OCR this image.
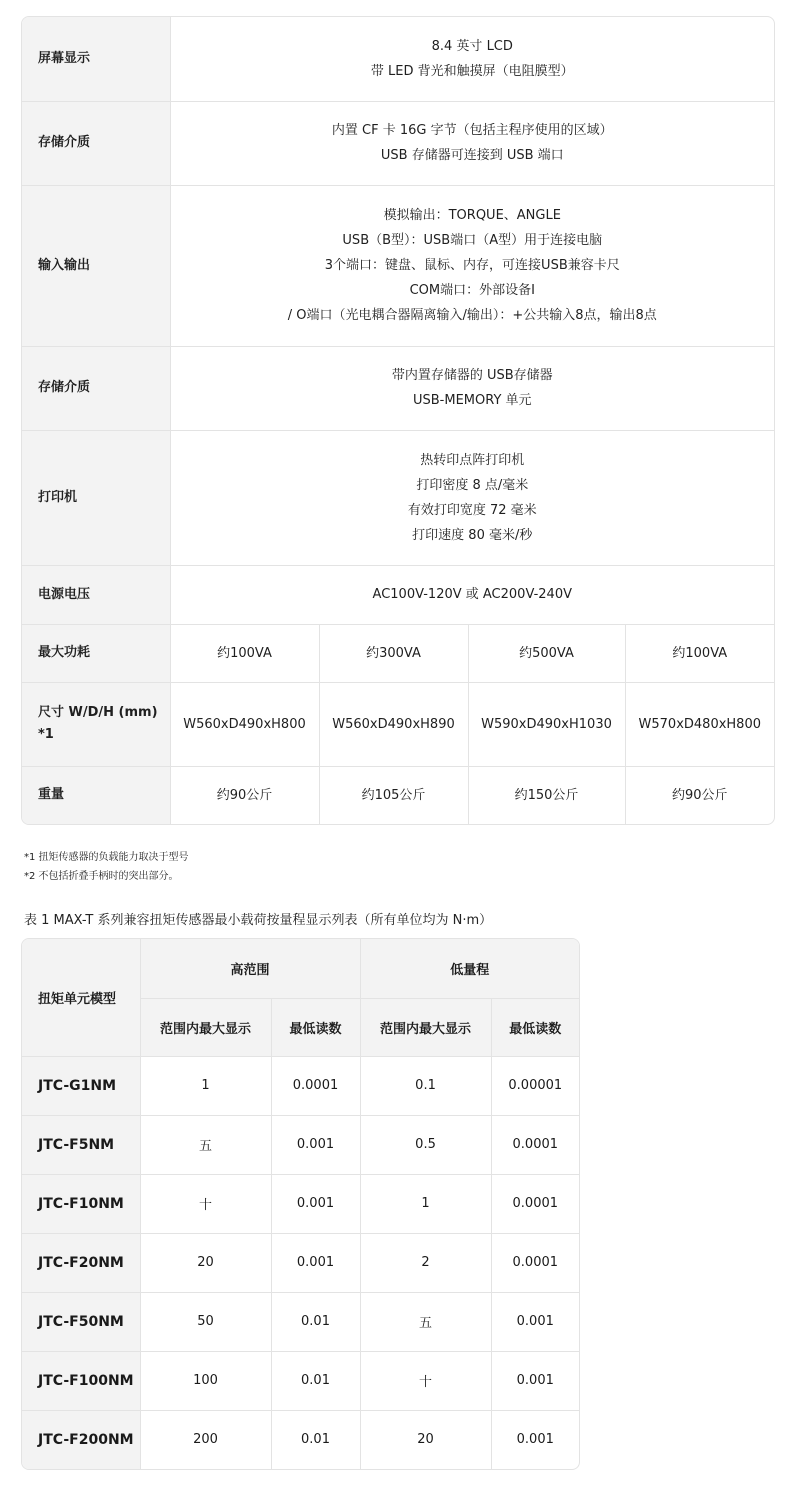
屏幕显示	8.4 英寸 LCD
带 LED 背光和触摸屏（电阻膜型）			

存储介质	内置 CF 卡 16G 字节（包括主程序使用的区域）
USB 存储器可连接到 USB 端口			

输入输出	模拟输出：TORQUE、ANGLE
USB（B型）：USB端口（A型）用于连接电脑
3个端口：键盘、鼠标、内存，可连接USB兼容卡尺
COM端口：外部设备I
/ O端口（光电耦合器隔离输入/输出）：+公共输入8点，输出8点			

存储介质	带内置存储器的 USB存储器
USB-MEMORY 单元			

打印机	热转印点阵打印机
打印密度 8 点/毫米
有效打印宽度 72 毫米
打印速度 80 毫米/秒			

电源电压	AC100V-120V 或 AC200V-240V			

最大功耗	约100VA	约300VA	约500VA	约100VA

尺寸 W/D/H (mm)
*1	W560xD490xH800	W560xD490xH890	W590xD490xH1030	W570xD480xH800
重量	约90公斤	约105公斤	约150公斤	约90公斤
*1 扭矩传感器的负载能力取决于型号
*2 不包括折叠手柄时的突出部分。
表 1 MAX-T 系列兼容扭矩传感器最小载荷按量程显示列表（所有单位均为 N·m）
扭矩单元模型	高范围		低量程	
	范围内最大显示	最低读数	范围内最大显示	最低读数
JTC-G1NM	1	0.0001	0.1	0.00001
JTC-F5NM	五	0.001	0.5	0.0001
JTC-F10NM	十	0.001	1	0.0001
JTC-F20NM	20	0.001	2	0.0001
JTC-F50NM	50	0.01	五	0.001
JTC-F100NM	100	0.01	十	0.001
JTC-F200NM	200	0.01	20	0.001
